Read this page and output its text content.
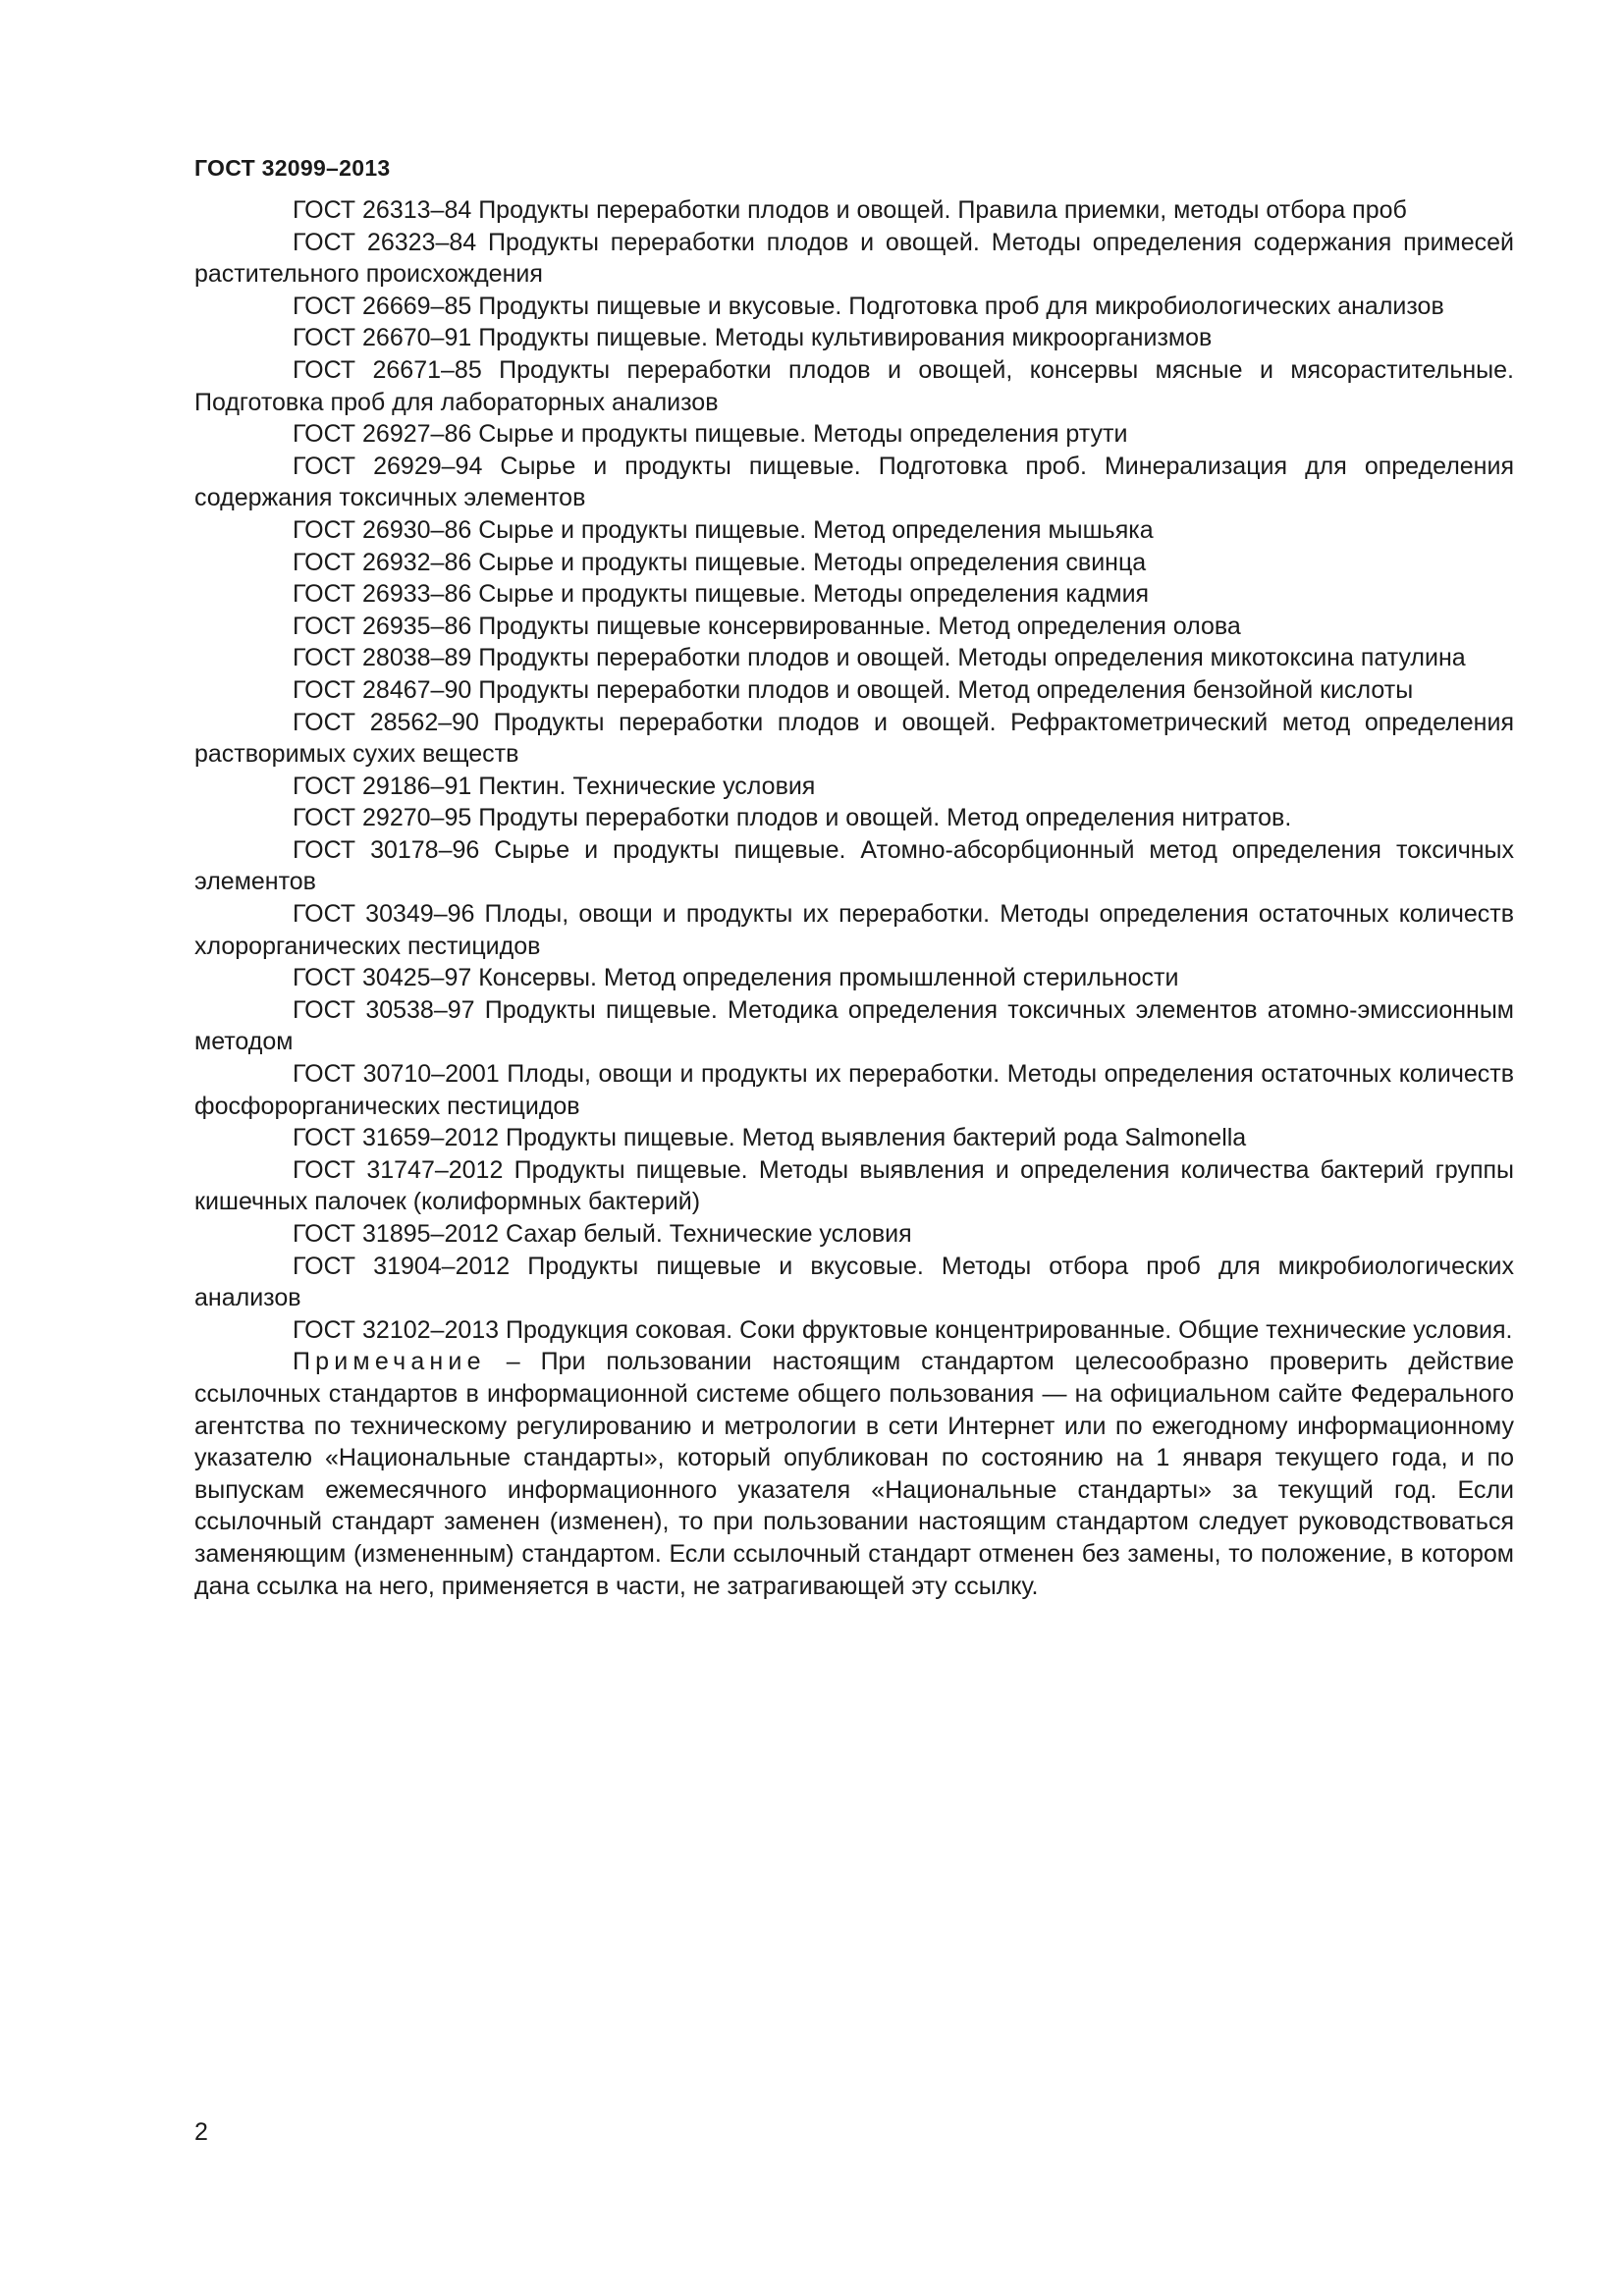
ГОСТ 32099–2013

ГОСТ 26313–84 Продукты переработки плодов и овощей. Правила приемки, методы отбора проб

ГОСТ 26323–84 Продукты переработки плодов и овощей. Методы определения содержания примесей растительного происхождения

ГОСТ 26669–85 Продукты пищевые и вкусовые. Подготовка проб для микробиологических анализов

ГОСТ 26670–91 Продукты пищевые. Методы культивирования микроорганизмов

ГОСТ 26671–85 Продукты переработки плодов и овощей, консервы мясные и мясорастительные. Подготовка проб для лабораторных анализов

ГОСТ 26927–86 Сырье и продукты пищевые. Методы определения ртути

ГОСТ 26929–94 Сырье и продукты пищевые. Подготовка проб. Минерализация для определения содержания токсичных элементов

ГОСТ 26930–86 Сырье и продукты пищевые. Метод определения мышьяка

ГОСТ 26932–86 Сырье и продукты пищевые. Методы определения свинца

ГОСТ 26933–86 Сырье и продукты пищевые. Методы определения кадмия

ГОСТ 26935–86 Продукты пищевые консервированные. Метод определения олова

ГОСТ 28038–89 Продукты переработки плодов и овощей. Методы определения микотоксина патулина

ГОСТ 28467–90 Продукты переработки плодов и овощей. Метод определения бензойной кислоты

ГОСТ 28562–90 Продукты переработки плодов и овощей. Рефрактометрический метод определения растворимых сухих веществ

ГОСТ 29186–91 Пектин. Технические условия

ГОСТ 29270–95 Продуты переработки плодов и овощей. Метод определения нитратов.

ГОСТ 30178–96 Сырье и продукты пищевые. Атомно-абсорбционный метод определения токсичных элементов

ГОСТ 30349–96 Плоды, овощи и продукты их переработки. Методы определения остаточных количеств хлорорганических пестицидов

ГОСТ 30425–97 Консервы. Метод определения промышленной стерильности

ГОСТ 30538–97 Продукты пищевые. Методика определения токсичных элементов атомно-эмиссионным методом

ГОСТ 30710–2001 Плоды, овощи и продукты их переработки. Методы определения остаточных количеств фосфорорганических пестицидов

ГОСТ 31659–2012 Продукты пищевые. Метод выявления бактерий рода Salmonella

ГОСТ 31747–2012 Продукты пищевые. Методы выявления и определения количества бактерий группы кишечных палочек (колиформных бактерий)

ГОСТ 31895–2012 Сахар белый. Технические условия

ГОСТ 31904–2012 Продукты пищевые и вкусовые. Методы отбора проб для микробиологических анализов

ГОСТ 32102–2013 Продукция соковая. Соки фруктовые концентрированные. Общие технические условия.

Примечание – При пользовании настоящим стандартом целесообразно проверить действие ссылочных стандартов в информационной системе общего пользования — на официальном сайте Федерального агентства по техническому регулированию и метрологии в сети Интернет или по ежегодному информационному указателю «Национальные стандарты», который опубликован по состоянию на 1 января текущего года, и по выпускам ежемесячного информационного указателя «Национальные стандарты» за текущий год. Если ссылочный стандарт заменен (изменен), то при пользовании настоящим стандартом следует руководствоваться заменяющим (измененным) стандартом. Если ссылочный стандарт отменен без замены, то положение, в котором дана ссылка на него, применяется в части, не затрагивающей эту ссылку.

2
